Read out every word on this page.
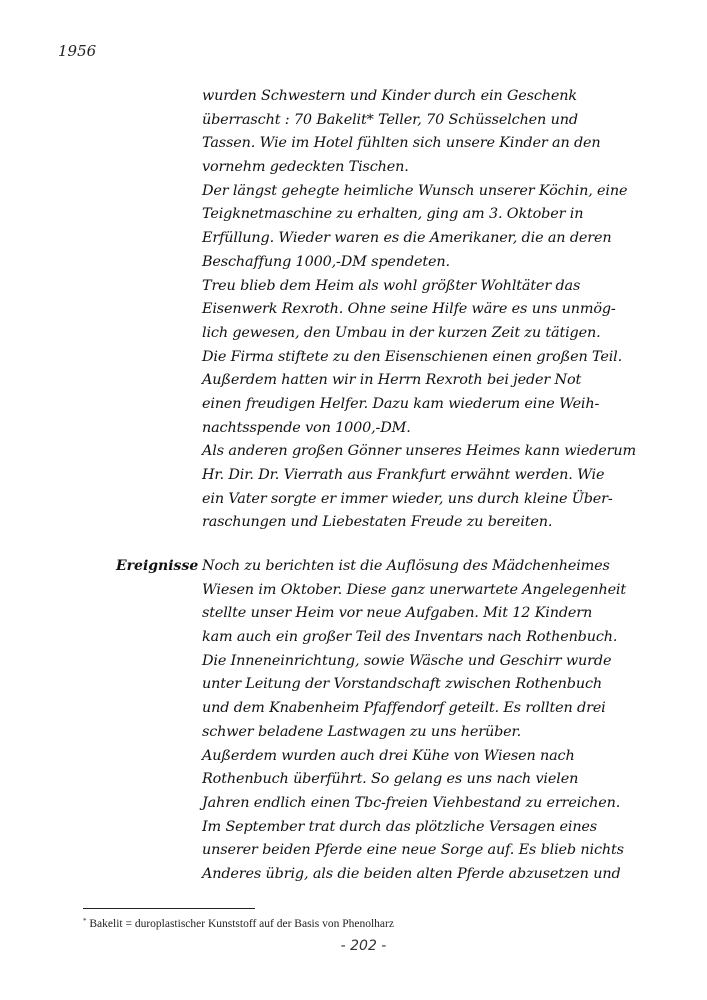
1956
wurden Schwestern und Kinder durch ein Geschenk
überrascht : 70 Bakelit* Teller, 70 Schüsselchen und
Tassen. Wie im Hotel fühlten sich unsere Kinder an den
vornehm gedeckten Tischen.
Der längst gehegte heimliche Wunsch unserer Köchin, eine
Teigknetmaschine zu erhalten, ging am 3. Oktober in
Erfüllung. Wieder waren es die Amerikaner, die an deren
Beschaffung 1000,-DM spendeten.
Treu blieb dem Heim als wohl größter Wohltäter das
Eisenwerk Rexroth. Ohne seine Hilfe wäre es uns unmög-
lich gewesen, den Umbau in der kurzen Zeit zu tätigen.
Die Firma stiftete zu den Eisenschienen einen großen Teil.
Außerdem hatten wir in Herrn Rexroth bei jeder Not
einen freudigen Helfer. Dazu kam wiederum eine Weih-
nachtsspende von 1000,-DM.
Als anderen großen Gönner unseres Heimes kann wiederum
Hr. Dir. Dr. Vierrath aus Frankfurt erwähnt werden. Wie
ein Vater sorgte er immer wieder, uns durch kleine Über-
raschungen und Liebestaten Freude zu bereiten.
Ereignisse Noch zu berichten ist die Auflösung des Mädchenheimes
Wiesen im Oktober. Diese ganz unerwartete Angelegenheit
stellte unser Heim vor neue Aufgaben. Mit 12 Kindern
kam auch ein großer Teil des Inventars nach Rothenbuch.
Die Inneneinrichtung, sowie Wäsche und Geschirr wurde
unter Leitung der Vorstandschaft zwischen Rothenbuch
und dem Knabenheim Pfaffendorf geteilt. Es rollten drei
schwer beladene Lastwagen zu uns herüber.
Außerdem wurden auch drei Kühe von Wiesen nach
Rothenbuch überführt. So gelang es uns nach vielen
Jahren endlich einen Tbc-freien Viehbestand zu erreichen.
Im September trat durch das plötzliche Versagen eines
unserer beiden Pferde eine neue Sorge auf. Es blieb nichts
Anderes übrig, als die beiden alten Pferde abzusetzen und
* Bakelit = duroplastischer Kunststoff auf der Basis von Phenolharz
- 202 -
